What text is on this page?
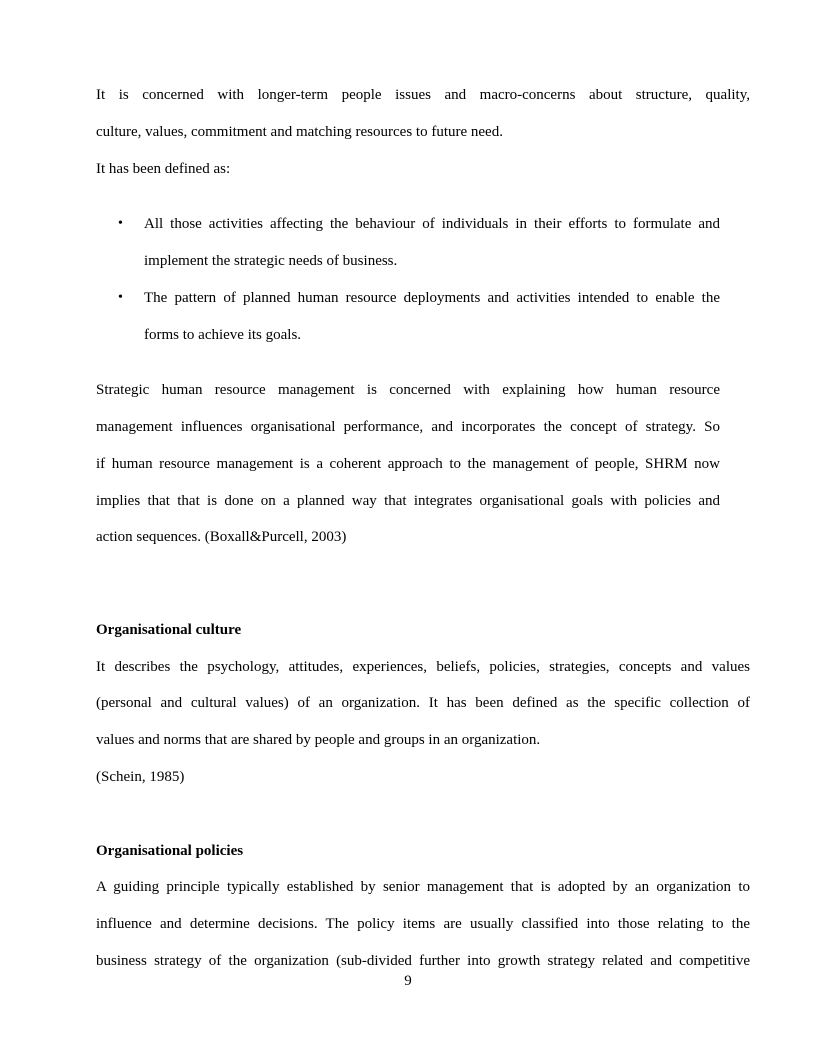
It is concerned with longer-term people issues and macro-concerns about structure, quality,
culture, values, commitment and matching resources to future need.
It has been defined as:
• All those activities affecting the behaviour of individuals in their efforts to formulate and
implement the strategic needs of business.
• The pattern of planned human resource deployments and activities intended to enable the
forms to achieve its goals.
Strategic human resource management is concerned with explaining how human resource
management influences organisational performance, and incorporates the concept of strategy. So
if human resource management is a coherent approach to the management of people, SHRM now
implies that that is done on a planned way that integrates organisational goals with policies and
action sequences. (Boxall&Purcell, 2003)
Organisational culture
It describes the psychology, attitudes, experiences, beliefs, policies, strategies, concepts and values
(personal and cultural values) of an organization. It has been defined as the specific collection of
values and norms that are shared by people and groups in an organization.
(Schein, 1985)
Organisational policies
A guiding principle typically established by senior management that is adopted by an organization to
influence and determine decisions. The policy items are usually classified into those relating to the
business strategy of the organization (sub-divided further into growth strategy related and competitive
9
